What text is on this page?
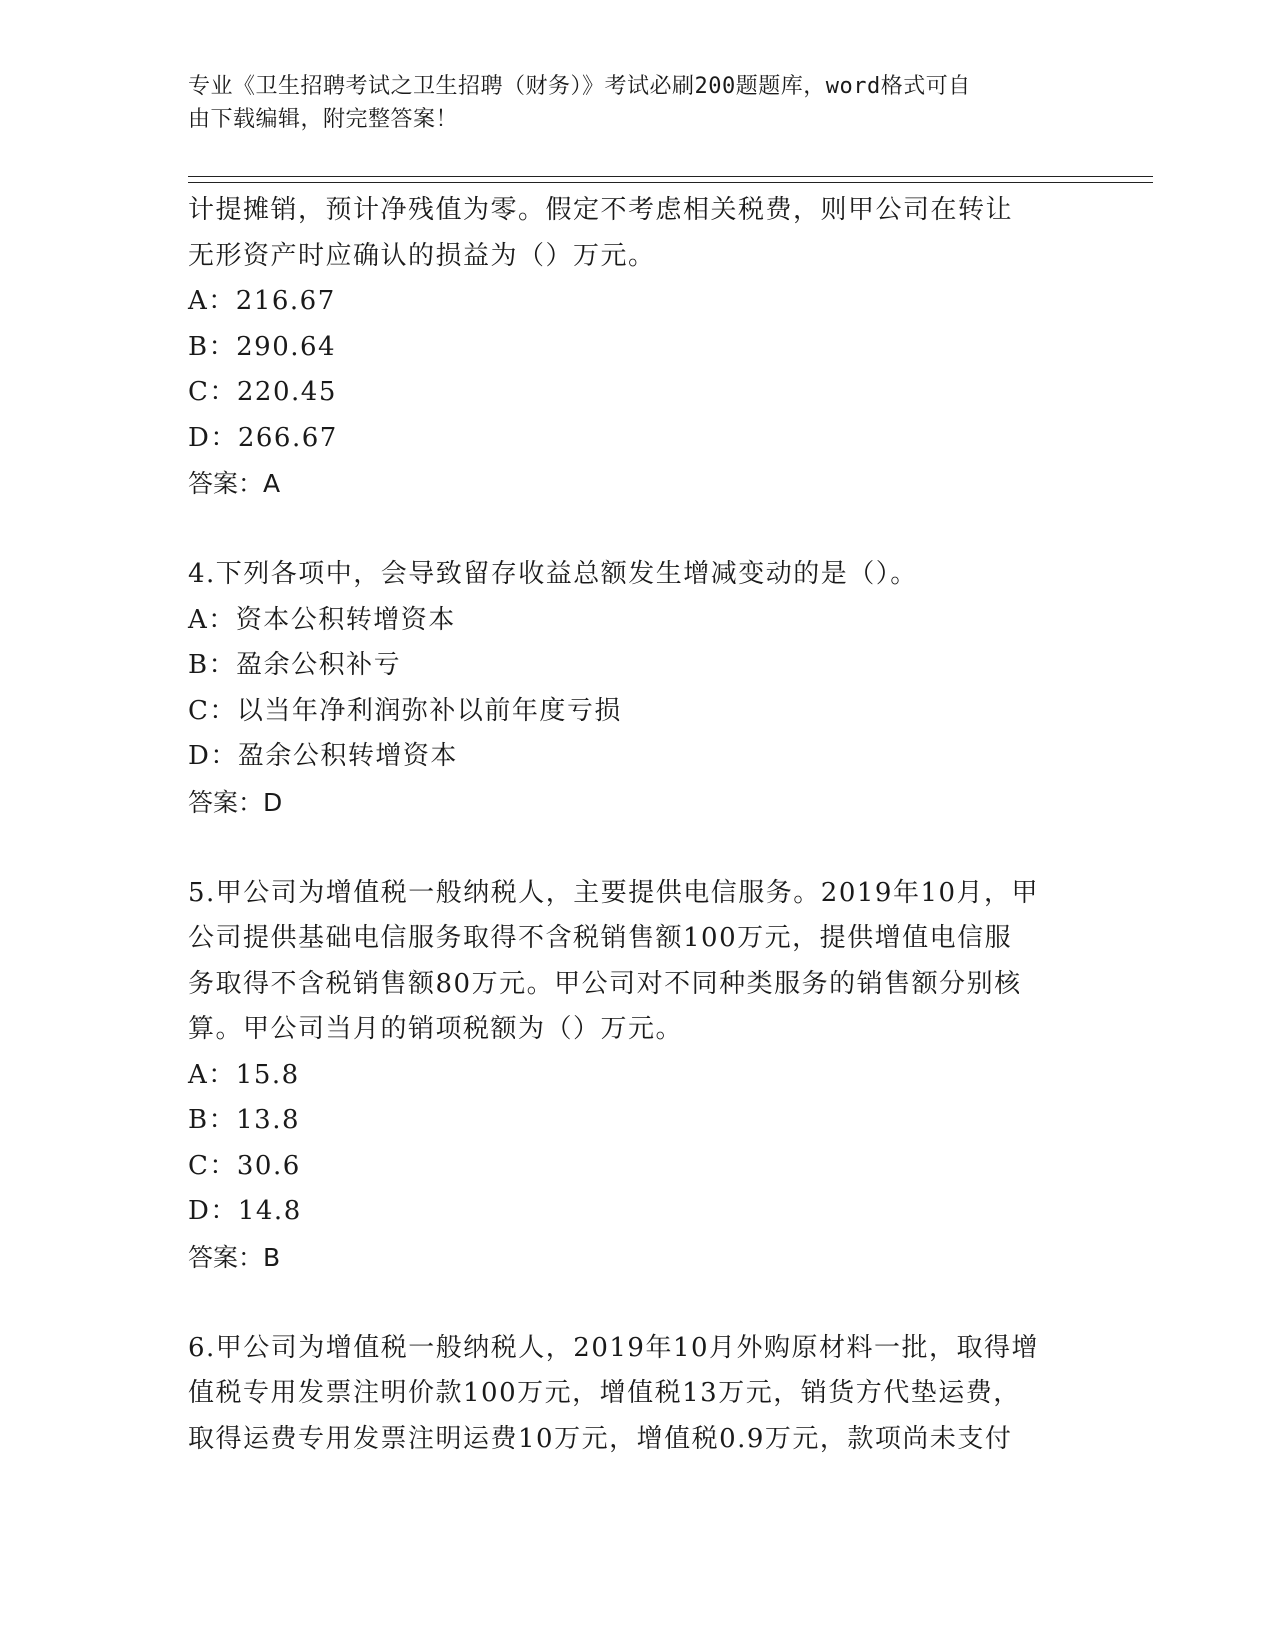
专业《卫生招聘考试之卫生招聘（财务）》考试必刷200题题库，word格式可自
由下载编辑，附完整答案！
计提摊销，预计净残值为零。假定不考虑相关税费，则甲公司在转让
无形资产时应确认的损益为（）万元。
A：216.67
B：290.64
C：220.45
D：266.67
答案：A
4.下列各项中，会导致留存收益总额发生增减变动的是（）。
A：资本公积转增资本
B：盈余公积补亏
C：以当年净利润弥补以前年度亏损
D：盈余公积转增资本
答案：D
5.甲公司为增值税一般纳税人，主要提供电信服务。2019年10月，甲
公司提供基础电信服务取得不含税销售额100万元，提供增值电信服
务取得不含税销售额80万元。甲公司对不同种类服务的销售额分别核
算。甲公司当月的销项税额为（）万元。
A：15.8
B：13.8
C：30.6
D：14.8
答案：B
6.甲公司为增值税一般纳税人，2019年10月外购原材料一批，取得增
值税专用发票注明价款100万元，增值税13万元，销货方代垫运费，
取得运费专用发票注明运费10万元，增值税0.9万元，款项尚未支付
